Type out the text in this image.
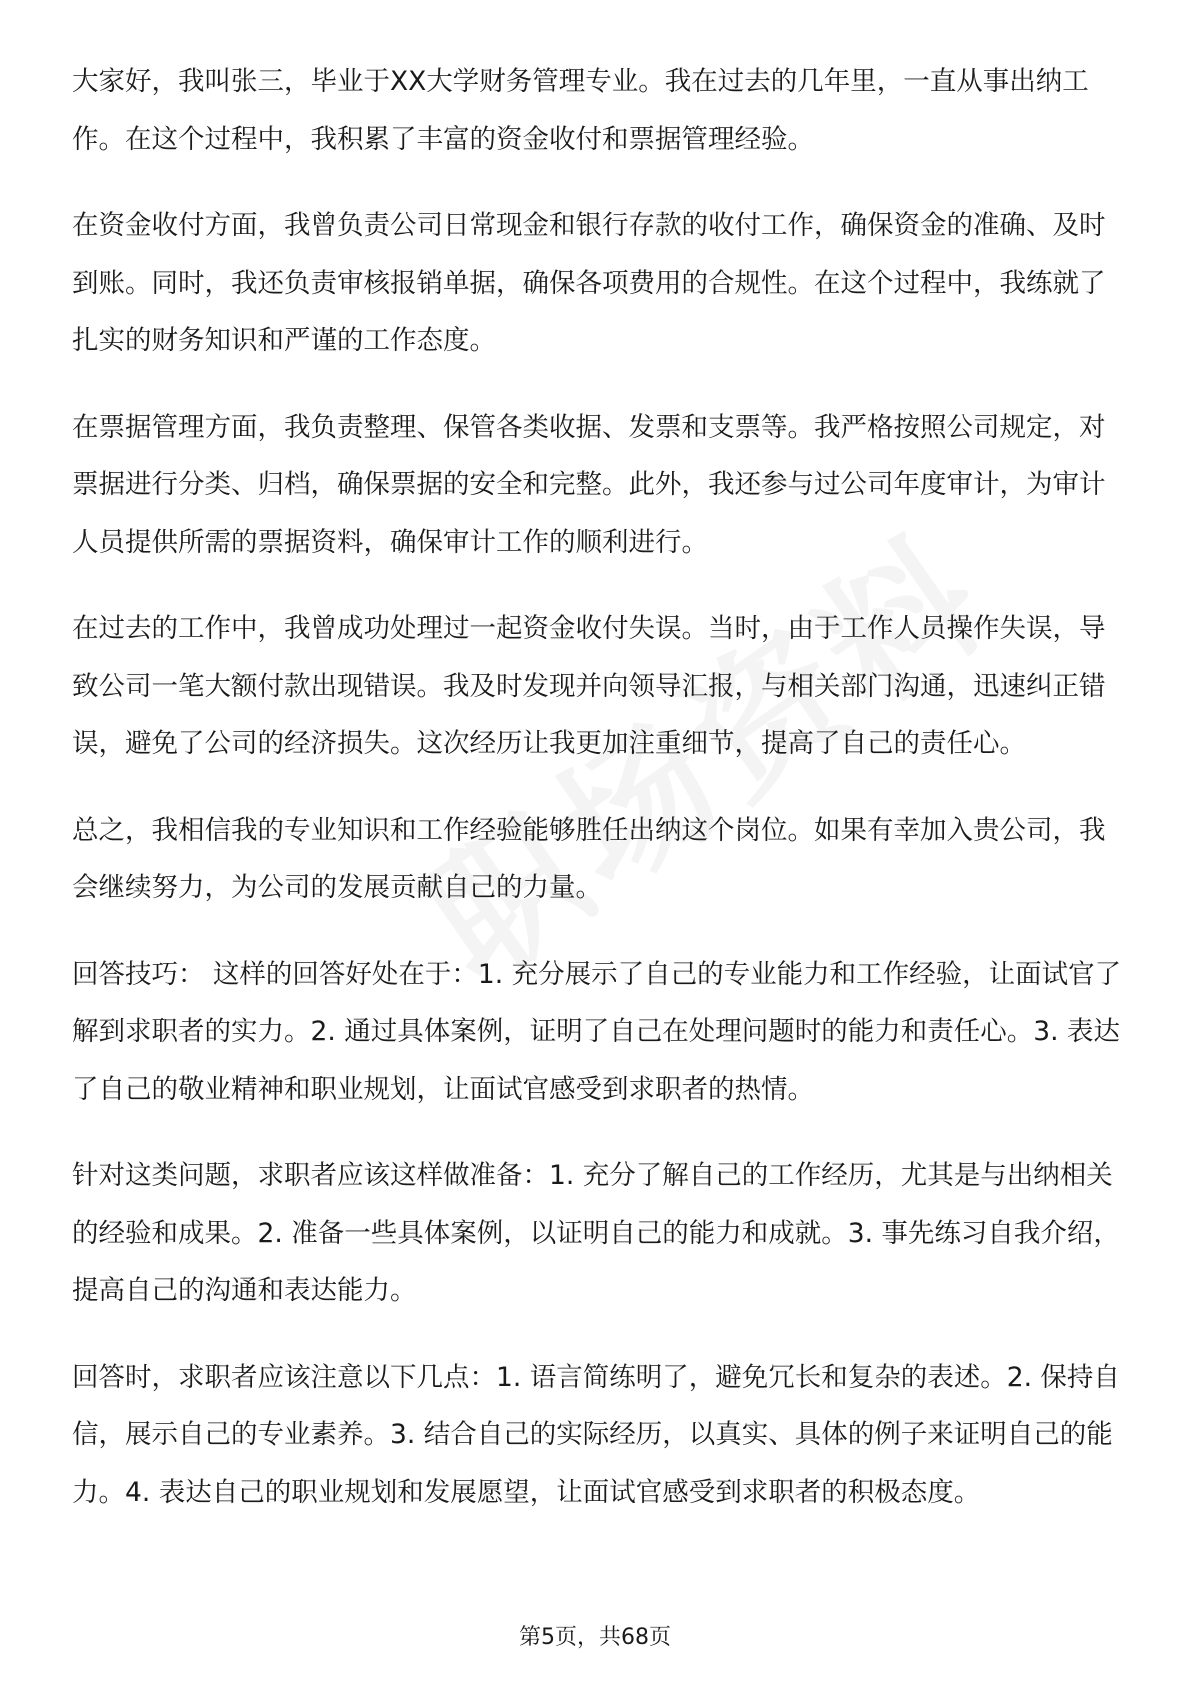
大家好，我叫张三，毕业于XX大学财务管理专业。我在过去的几年里，一直从事出纳工作。在这个过程中，我积累了丰富的资金收付和票据管理经验。

在资金收付方面，我曾负责公司日常现金和银行存款的收付工作，确保资金的准确、及时到账。同时，我还负责审核报销单据，确保各项费用的合规性。在这个过程中，我练就了扎实的财务知识和严谨的工作态度。

在票据管理方面，我负责整理、保管各类收据、发票和支票等。我严格按照公司规定，对票据进行分类、归档，确保票据的安全和完整。此外，我还参与过公司年度审计，为审计人员提供所需的票据资料，确保审计工作的顺利进行。

在过去的工作中，我曾成功处理过一起资金收付失误。当时，由于工作人员操作失误，导致公司一笔大额付款出现错误。我及时发现并向领导汇报，与相关部门沟通，迅速纠正错误，避免了公司的经济损失。这次经历让我更加注重细节，提高了自己的责任心。

总之，我相信我的专业知识和工作经验能够胜任出纳这个岗位。如果有幸加入贵公司，我会继续努力，为公司的发展贡献自己的力量。

回答技巧： 这样的回答好处在于：1. 充分展示了自己的专业能力和工作经验，让面试官了解到求职者的实力。2. 通过具体案例，证明了自己在处理问题时的能力和责任心。3. 表达了自己的敬业精神和职业规划，让面试官感受到求职者的热情。

针对这类问题，求职者应该这样做准备：1. 充分了解自己的工作经历，尤其是与出纳相关的经验和成果。2. 准备一些具体案例，以证明自己的能力和成就。3. 事先练习自我介绍，提高自己的沟通和表达能力。

回答时，求职者应该注意以下几点：1. 语言简练明了，避免冗长和复杂的表述。2. 保持自信，展示自己的专业素养。3. 结合自己的实际经历，以真实、具体的例子来证明自己的能力。4. 表达自己的职业规划和发展愿望，让面试官感受到求职者的积极态度。

第5页，共68页
